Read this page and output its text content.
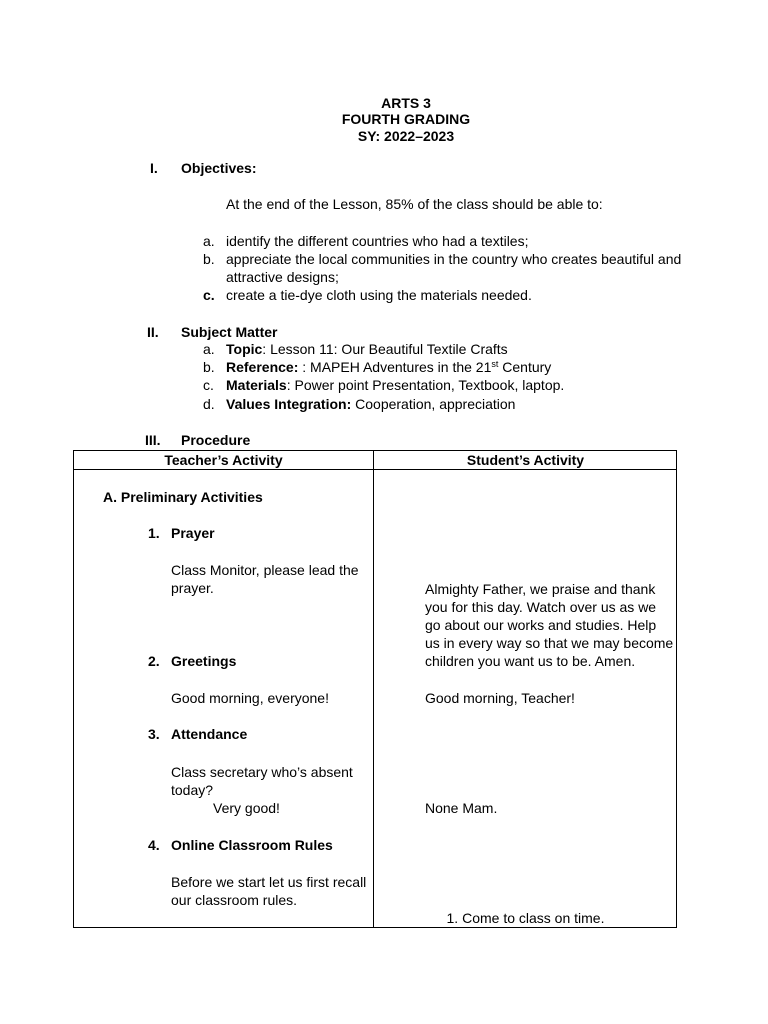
ARTS 3
FOURTH GRADING
SY: 2022–2023
I. Objectives:
At the end of the Lesson, 85% of the class should be able to:
a. identify the different countries who had a textiles;
b. appreciate the local communities in the country who creates beautiful and
attractive designs;
c. create a tie-dye cloth using the materials needed.
II. Subject Matter
a. Topic: Lesson 11: Our Beautiful Textile Crafts
b. Reference: : MAPEH Adventures in the 21st Century
c. Materials: Power point Presentation, Textbook, laptop.
d. Values Integration: Cooperation, appreciation
III. Procedure
Teacher’s Activity	Student’s Activity
A. Preliminary Activities
1. Prayer
Class Monitor, please lead the
prayer.
2. Greetings
Good morning, everyone!
3. Attendance
Class secretary who’s absent
today?
Very good!
4. Online Classroom Rules
Before we start let us first recall
our classroom rules.
Almighty Father, we praise and thank
you for this day. Watch over us as we
go about our works and studies. Help
us in every way so that we may become
children you want us to be. Amen.
Good morning, Teacher!
None Mam.
1. Come to class on time.
